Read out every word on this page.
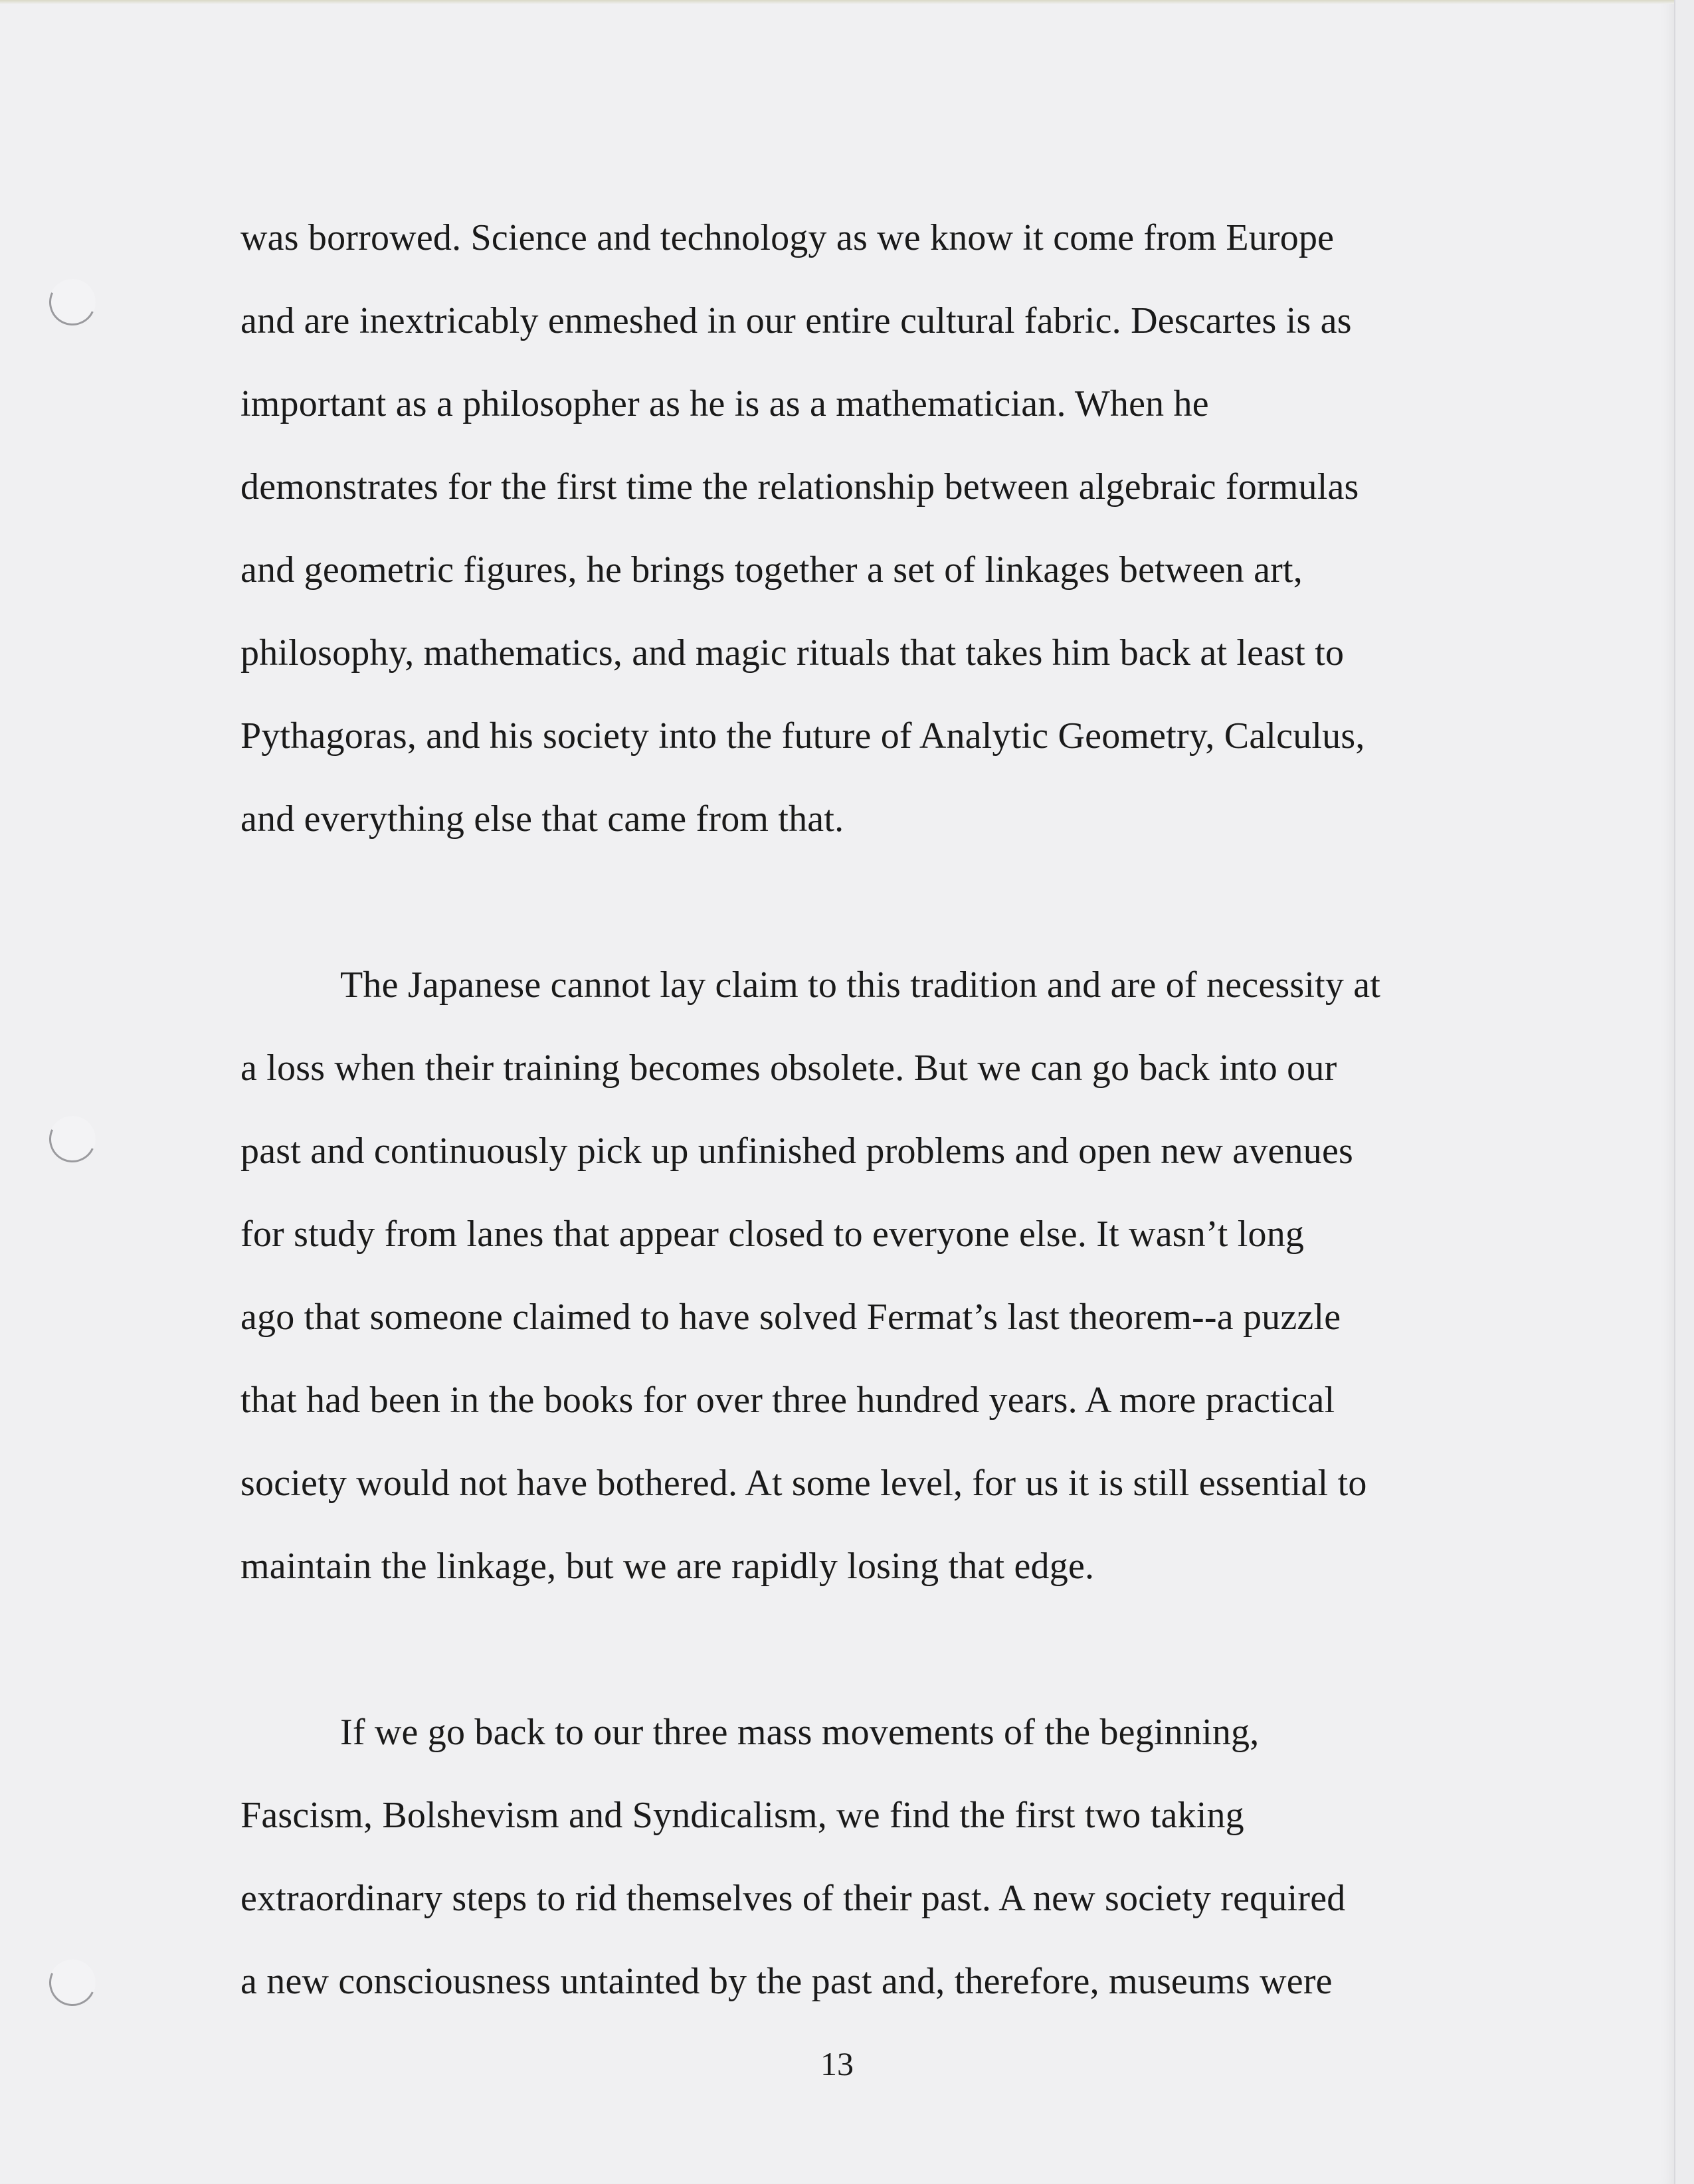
was borrowed. Science and technology as we know it come from Europe
and are inextricably enmeshed in our entire cultural fabric. Descartes is as
important as a philosopher as he is as a mathematician. When he
demonstrates for the first time the relationship between algebraic formulas
and geometric figures, he brings together a set of linkages between art,
philosophy, mathematics, and magic rituals that takes him back at least to
Pythagoras, and his society into the future of Analytic Geometry, Calculus,
and everything else that came from that.
The Japanese cannot lay claim to this tradition and are of necessity at
a loss when their training becomes obsolete. But we can go back into our
past and continuously pick up unfinished problems and open new avenues
for study from lanes that appear closed to everyone else. It wasn’t long
ago that someone claimed to have solved Fermat’s last theorem--a puzzle
that had been in the books for over three hundred years. A more practical
society would not have bothered. At some level, for us it is still essential to
maintain the linkage, but we are rapidly losing that edge.
If we go back to our three mass movements of the beginning,
Fascism, Bolshevism and Syndicalism, we find the first two taking
extraordinary steps to rid themselves of their past. A new society required
a new consciousness untainted by the past and, therefore, museums were
13
